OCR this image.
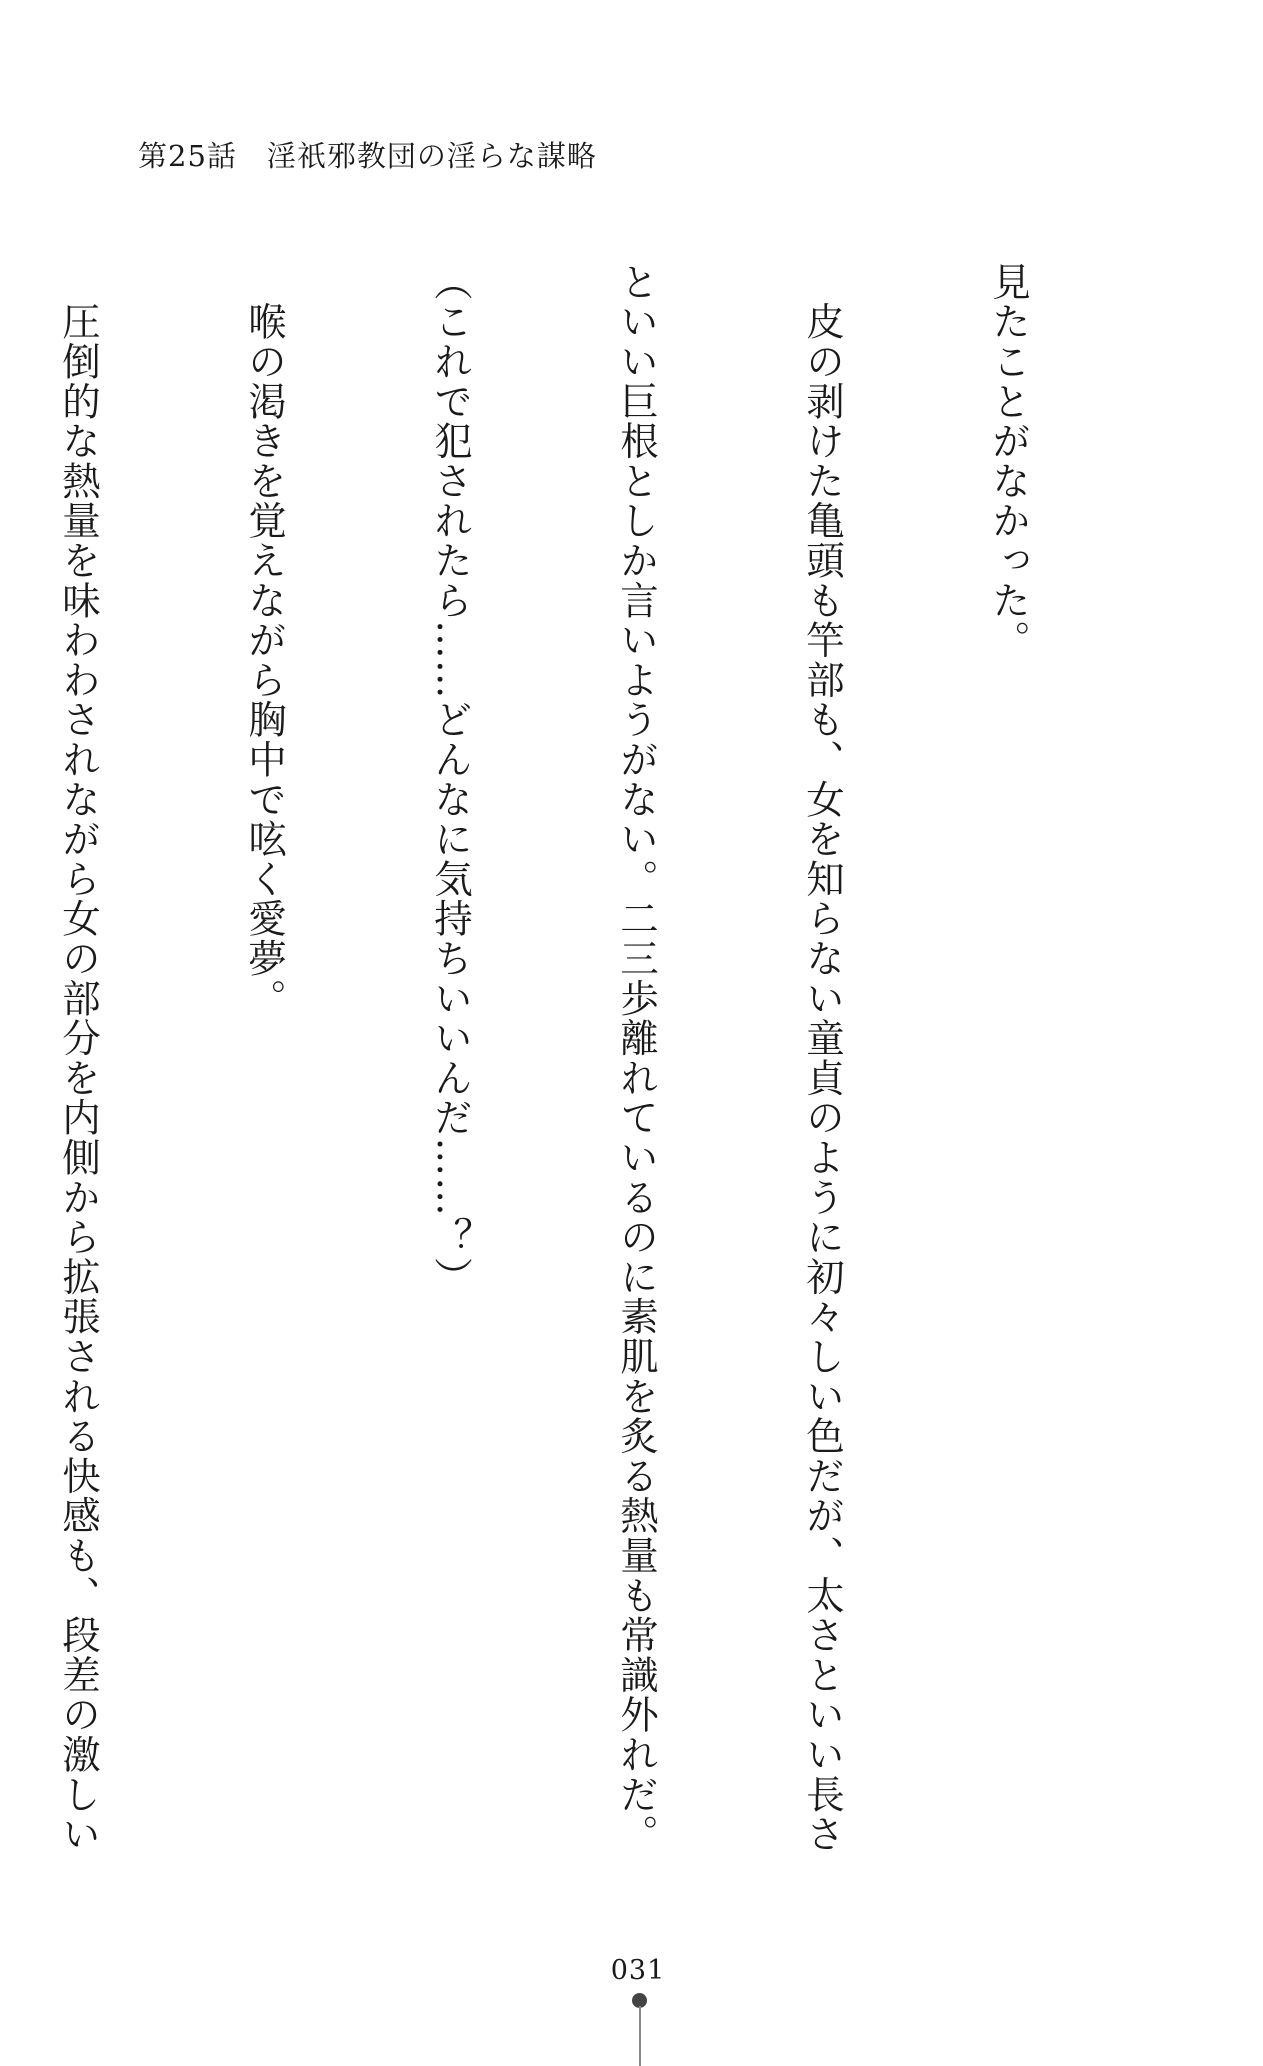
第25話　淫祇邪教団の淫らな謀略

見たことがなかった。

　皮の剥けた亀頭も竿部も、女を知らない童貞のように初々しい色だが、太さといい長さ

といい巨根としか言いようがない。二三歩離れているのに素肌を炙る熱量も常識外れだ。

（これで犯されたら……どんなに気持ちいいんだ……？）

　喉の渇きを覚えながら胸中で呟く愛夢。

　圧倒的な熱量を味わわされながら女の部分を内側から拡張される快感も、段差の激しい

031
